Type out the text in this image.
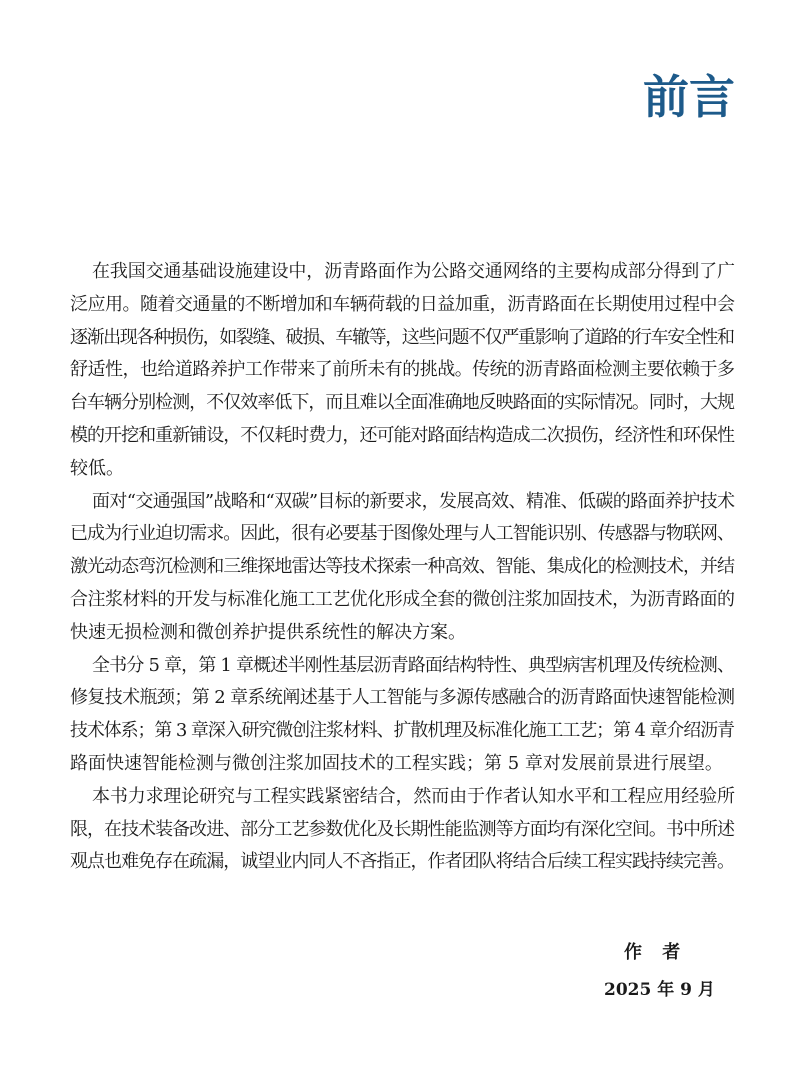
前言
在我国交通基础设施建设中，沥青路面作为公路交通网络的主要构成部分得到了广
泛应用。随着交通量的不断增加和车辆荷载的日益加重，沥青路面在长期使用过程中会
逐渐出现各种损伤，如裂缝、破损、车辙等，这些问题不仅严重影响了道路的行车安全性和
舒适性，也给道路养护工作带来了前所未有的挑战。传统的沥青路面检测主要依赖于多
台车辆分别检测，不仅效率低下，而且难以全面准确地反映路面的实际情况。同时，大规
模的开挖和重新铺设，不仅耗时费力，还可能对路面结构造成二次损伤，经济性和环保性
较低。
面对“交通强国”战略和“双碳”目标的新要求，发展高效、精准、低碳的路面养护技术
已成为行业迫切需求。因此，很有必要基于图像处理与人工智能识别、传感器与物联网、
激光动态弯沉检测和三维探地雷达等技术探索一种高效、智能、集成化的检测技术，并结
合注浆材料的开发与标准化施工工艺优化形成全套的微创注浆加固技术，为沥青路面的
快速无损检测和微创养护提供系统性的解决方案。
全书分 5 章，第 1 章概述半刚性基层沥青路面结构特性、典型病害机理及传统检测、
修复技术瓶颈；第 2 章系统阐述基于人工智能与多源传感融合的沥青路面快速智能检测
技术体系；第 3 章深入研究微创注浆材料、扩散机理及标准化施工工艺；第 4 章介绍沥青
路面快速智能检测与微创注浆加固技术的工程实践；第 5 章对发展前景进行展望。
本书力求理论研究与工程实践紧密结合，然而由于作者认知水平和工程应用经验所
限，在技术装备改进、部分工艺参数优化及长期性能监测等方面均有深化空间。书中所述
观点也难免存在疏漏，诚望业内同人不吝指正，作者团队将结合后续工程实践持续完善。
作 者
2025 年 9 月
